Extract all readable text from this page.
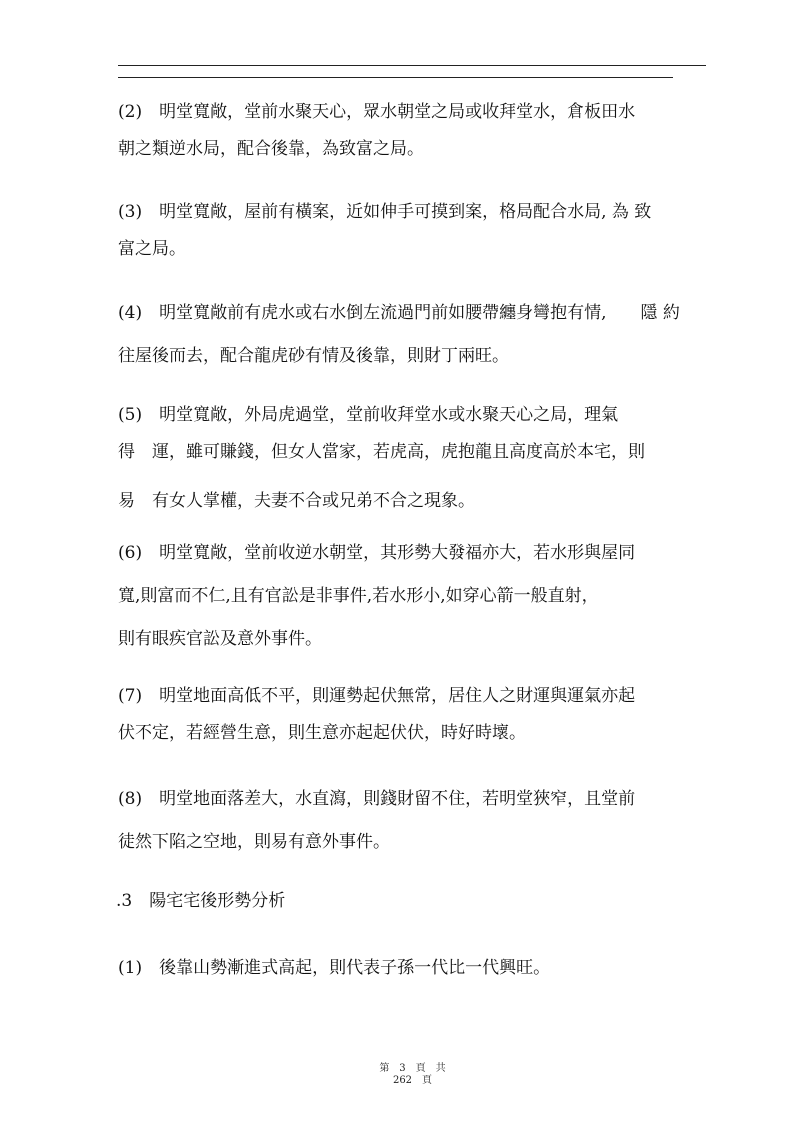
(2)　明堂寬敞，堂前水聚天心，眾水朝堂之局或收拜堂水，倉板田水
朝之類逆水局，配合後靠，為致富之局。
(3)　明堂寬敞，屋前有橫案，近如伸手可摸到案，格局配合水局, 為 致
富之局。
(4)　明堂寬敞前有虎水或右水倒左流過門前如腰帶纏身彎抱有情,　　隱 約
往屋後而去，配合龍虎砂有情及後靠，則財丁兩旺。
(5)　明堂寬敞，外局虎過堂，堂前收拜堂水或水聚天心之局，理氣
得　運，雖可賺錢，但女人當家，若虎高，虎抱龍且高度高於本宅，則
易　有女人掌權，夫妻不合或兄弟不合之現象。
(6)　明堂寬敞，堂前收逆水朝堂，其形勢大發福亦大，若水形與屋同
寬,則富而不仁,且有官訟是非事件,若水形小,如穿心箭一般直射，
則有眼疾官訟及意外事件。
(7)　明堂地面高低不平，則運勢起伏無常，居住人之財運與運氣亦起
伏不定，若經營生意，則生意亦起起伏伏，時好時壞。
(8)　明堂地面落差大，水直瀉，則錢財留不住，若明堂狹窄，且堂前
徒然下陷之空地，則易有意外事件。
.3　陽宅宅後形勢分析
(1)　後靠山勢漸進式高起，則代表子孫一代比一代興旺。
第　3　頁　共
262　頁
